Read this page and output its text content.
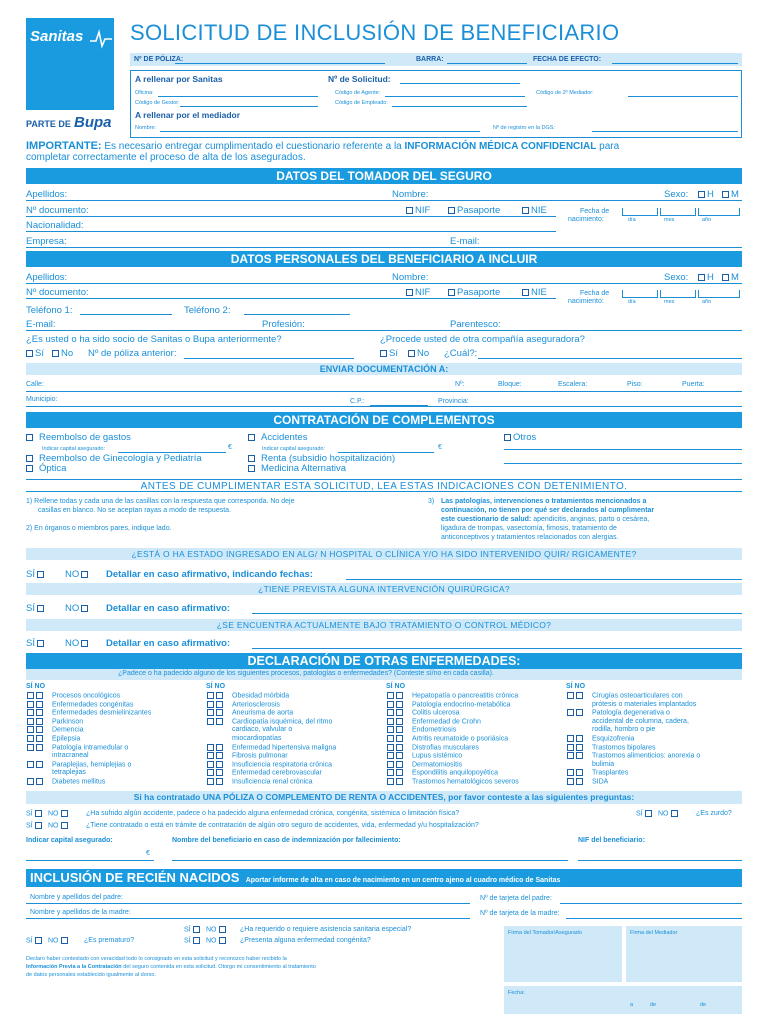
Sanitas
PARTE DE Bupa
SOLICITUD DE INCLUSIÓN DE BENEFICIARIO
Nº DE PÓLIZA:	BARRA:	FECHA DE EFECTO:
A rellenar por Sanitas	Nº de Solicitud:
Oficina:	Código de Agente:	Código de 2º Mediador:
Código de Gestor:	Código de Empleado:
A rellenar por el mediador
Nombre:	Nº de registro en la DGS:
IMPORTANTE: Es necesario entregar cumplimentado el cuestionario referente a la INFORMACIÓN MÉDICA CONFIDENCIAL para
completar correctamente el proceso de alta de los asegurados.
DATOS DEL TOMADOR DEL SEGURO
Apellidos:	Nombre:	Sexo:	H	M
Nº documento:	NIF	Pasaporte	NIE	Fecha de
nacimiento:	día	mes	año
Nacionalidad:
Empresa:	E-mail:
DATOS PERSONALES DEL BENEFICIARIO A INCLUIR
Apellidos:	Nombre:	Sexo:	H	M
Nº documento:	NIF	Pasaporte	NIE	Fecha de
nacimiento:	día	mes	año
Teléfono 1:	Teléfono 2:
E-mail:	Profesión:	Parentesco:
¿Es usted o ha sido socio de Sanitas o Bupa anteriormente?	¿Procede usted de otra compañía aseguradora?
Sí	No Nº de póliza anterior:	Sí	No ¿Cuál?:
ENVIAR DOCUMENTACIÓN A:
Calle:	Nº:	Bloque:	Escalera:	Piso:	Puerta:
Municipio:	C.P.:	Provincia:
CONTRATACIÓN DE COMPLEMENTOS
Reembolso de gastos
Indicar capital asegurado:	€
Reembolso de Ginecología y Pediatría
Óptica
Accidentes
Indicar capital asegurado:	€
Renta (subsidio hospitalización)
Medicina Alternativa
Otros
ANTES DE CUMPLIMENTAR ESTA SOLICITUD, LEA ESTAS INDICACIONES CON DETENIMIENTO.
1) Rellene todas y cada una de las casillas con la respuesta que corresponda. No deje
casillas en blanco. No se aceptan rayas a modo de respuesta.
2) En órganos o miembros pares, indique lado.
3) Las patologías, intervenciones o tratamientos mencionados a
continuación, no tienen por qué ser declarados al cumplimentar
este cuestionario de salud: apendicitis, anginas, parto o cesárea,
ligadura de trompas, vasectomía, fimosis, tratamiento de
anticonceptivos y tratamientos relacionados con alergias.
¿ESTÁ O HA ESTADO INGRESADO EN ALG/ N HOSPITAL O CLÍNICA Y/O HA SIDO INTERVENIDO QUIR/ RGICAMENTE?
SÍ	NO	Detallar en caso afirmativo, indicando fechas:
¿TIENE PREVISTA ALGUNA INTERVENCIÓN QUIRÚRGICA?
SÍ	NO	Detallar en caso afirmativo:
¿SE ENCUENTRA ACTUALMENTE BAJO TRATAMIENTO O CONTROL MÉDICO?
SÍ	NO	Detallar en caso afirmativo:
DECLARACIÓN DE OTRAS ENFERMEDADES:
¿Padece o ha padecido alguno de los siguientes procesos, patologías o enfermedades? (Conteste sí/no en cada casilla).
SÍ NO
Procesos oncológicos
Enfermedades congénitas
Enfermedades desmielinizantes
Parkinson
Demencia
Epilepsia
Patología intramedular o
intracraneal
Paraplejias, hemiplejias o
tetraplejias
Diabetes mellitus
SÍ NO
Obesidad mórbida
Arteriosclerosis
Aneurisma de aorta
Cardiopatía isquémica, del ritmo
cardiaco, valvular o
miocardiopatías
Enfermedad hipertensiva maligna
Fibrosis pulmonar
Insuficiencia respiratoria crónica
Enfermedad cerebrovascular
Insuficiencia renal crónica
SÍ NO
Hepatopatía o pancreatitis crónica
Patología endocrino-metabólica
Colitis ulcerosa
Enfermedad de Crohn
Endometriosis
Artritis reumatoide o psoriásica
Distrofias musculares
Lupus sistémico
Dermatomiositis
Espondilitis anquilopoyética
Trastornos hematológicos severos
SÍ NO
Cirugías osteoarticulares con
prótesis o materiales implantados
Patología degenerativa o
accidental de columna, cadera,
rodilla, hombro o pie
Esquizofrenia
Trastornos bipolares
Trastornos alimenticios: anorexia o
bulimia
Trasplantes
SIDA
Si ha contratado UNA PÓLIZA O COMPLEMENTO DE RENTA O ACCIDENTES, por favor conteste a las siguientes preguntas:
SÍ	NO	¿Ha sufrido algún accidente, padece o ha padecido alguna enfermedad crónica, congénita, sistémica o limitación física?	SÍ	NO	¿Es zurdo?
SÍ	NO	¿Tiene contratado o está en trámite de contratación de algún otro seguro de accidentes, vida, enfermedad y/u hospitalización?
Indicar capital asegurado:
€
Nombre del beneficiario en caso de indemnización por fallecimiento:	NIF del beneficiario:
INCLUSIÓN DE RECIÉN NACIDOS Aportar informe de alta en caso de nacimiento en un centro ajeno al cuadro médico de Sanitas
Nombre y apellidos del padre:	Nº de tarjeta del padre:
Nombre y apellidos de la madre:	Nº de tarjeta de la madre:
SÍ	NO	¿Ha requerido o requiere asistencia sanitaria especial?
SÍ	NO	¿Es prematuro?	SÍ	NO	¿Presenta alguna enfermedad congénita?
Firma del Tomador/Asegurado	Firma del Mediador
Declaro haber contestado con veracidad todo lo consignado en esta solicitud y reconozco haber recibido la
Información Previa a la Contratación del seguro contenida en esta solicitud. Otorgo mi consentimiento al tratamiento
de datos personales establecido igualmente al dorso.
Fecha:
a	de	de
